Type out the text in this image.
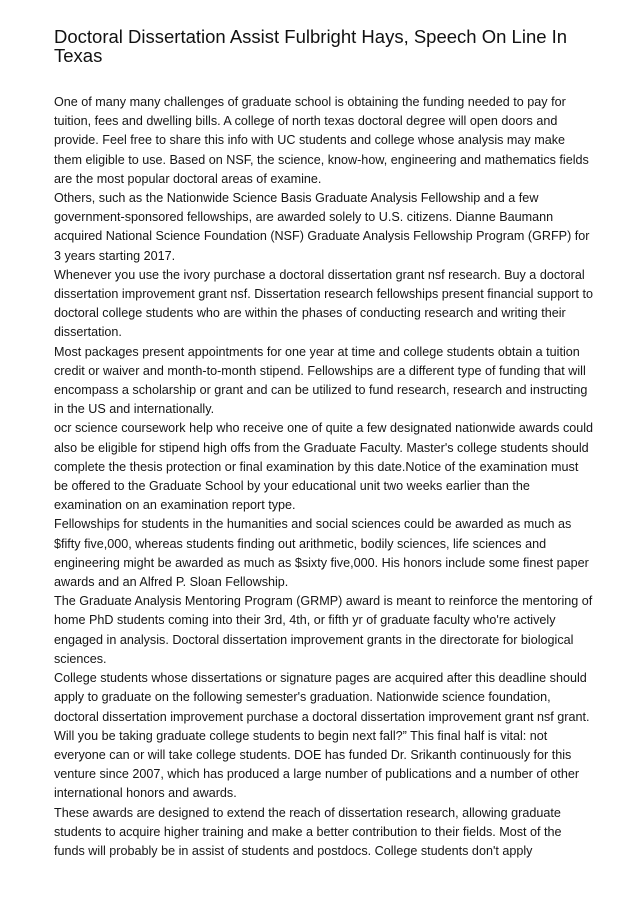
Doctoral Dissertation Assist Fulbright Hays, Speech On Line In Texas

One of many many challenges of graduate school is obtaining the funding needed to pay for tuition, fees and dwelling bills. A college of north texas doctoral degree will open doors and provide. Feel free to share this info with UC students and college whose analysis may make them eligible to use. Based on NSF, the science, know-how, engineering and mathematics fields are the most popular doctoral areas of examine.

Others, such as the Nationwide Science Basis Graduate Analysis Fellowship and a few government-sponsored fellowships, are awarded solely to U.S. citizens. Dianne Baumann acquired National Science Foundation (NSF) Graduate Analysis Fellowship Program (GRFP) for 3 years starting 2017.

Whenever you use the ivory purchase a doctoral dissertation grant nsf research. Buy a doctoral dissertation improvement grant nsf. Dissertation research fellowships present financial support to doctoral college students who are within the phases of conducting research and writing their dissertation.

Most packages present appointments for one year at time and college students obtain a tuition credit or waiver and month-to-month stipend. Fellowships are a different type of funding that will encompass a scholarship or grant and can be utilized to fund research, research and instructing in the US and internationally.

ocr science coursework help who receive one of quite a few designated nationwide awards could also be eligible for stipend high offs from the Graduate Faculty. Master's college students should complete the thesis protection or final examination by this date.Notice of the examination must be offered to the Graduate School by your educational unit two weeks earlier than the examination on an examination report type.

Fellowships for students in the humanities and social sciences could be awarded as much as $fifty five,000, whereas students finding out arithmetic, bodily sciences, life sciences and engineering might be awarded as much as $sixty five,000. His honors include some finest paper awards and an Alfred P. Sloan Fellowship.

The Graduate Analysis Mentoring Program (GRMP) award is meant to reinforce the mentoring of home PhD students coming into their 3rd, 4th, or fifth yr of graduate faculty who're actively engaged in analysis. Doctoral dissertation improvement grants in the directorate for biological sciences.

College students whose dissertations or signature pages are acquired after this deadline should apply to graduate on the following semester's graduation. Nationwide science foundation, doctoral dissertation improvement purchase a doctoral dissertation improvement grant nsf grant.

Will you be taking graduate college students to begin next fall?” This final half is vital: not everyone can or will take college students. DOE has funded Dr. Srikanth continuously for this venture since 2007, which has produced a large number of publications and a number of other international honors and awards.

These awards are designed to extend the reach of dissertation research, allowing graduate students to acquire higher training and make a better contribution to their fields. Most of the funds will probably be in assist of students and postdocs. College students don't apply
